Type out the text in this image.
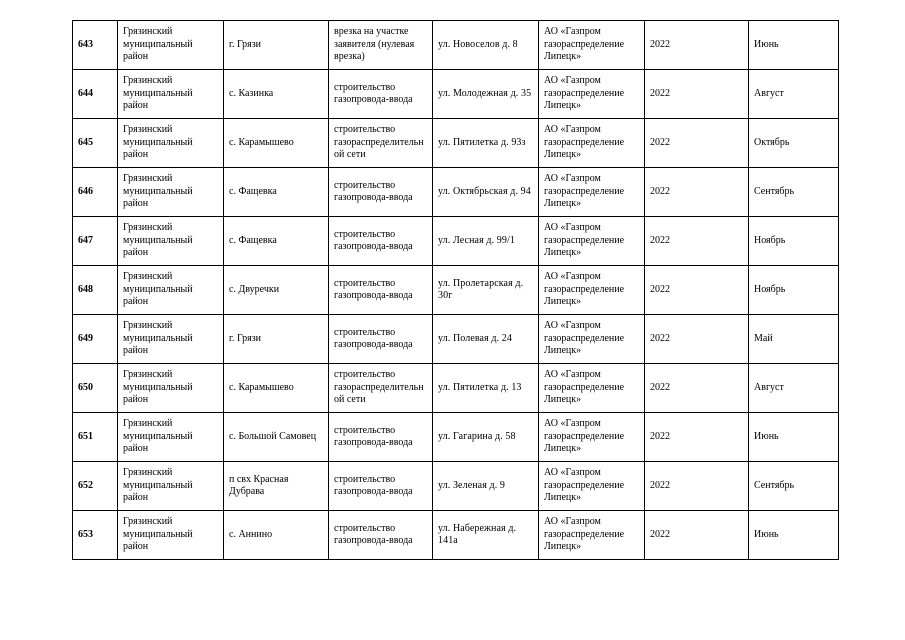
643	Грязинский муниципальный район	г. Грязи	врезка на участке заявителя (нулевая врезка)	ул. Новоселов д. 8	АО «Газпром газораспределение Липецк»	2022	Июнь
644	Грязинский муниципальный район	с. Казинка	строительство газопровода-ввода	ул. Молодежная д. 35	АО «Газпром газораспределение Липецк»	2022	Август
645	Грязинский муниципальный район	с. Карамышево	строительство газораспределительной сети	ул. Пятилетка д. 93з	АО «Газпром газораспределение Липецк»	2022	Октябрь
646	Грязинский муниципальный район	с. Фащевка	строительство газопровода-ввода	ул. Октябрьская д. 94	АО «Газпром газораспределение Липецк»	2022	Сентябрь
647	Грязинский муниципальный район	с. Фащевка	строительство газопровода-ввода	ул. Лесная д. 99/1	АО «Газпром газораспределение Липецк»	2022	Ноябрь
648	Грязинский муниципальный район	с. Двуречки	строительство газопровода-ввода	ул. Пролетарская д. 30г	АО «Газпром газораспределение Липецк»	2022	Ноябрь
649	Грязинский муниципальный район	г. Грязи	строительство газопровода-ввода	ул. Полевая д. 24	АО «Газпром газораспределение Липецк»	2022	Май
650	Грязинский муниципальный район	с. Карамышево	строительство газораспределительной сети	ул. Пятилетка д. 13	АО «Газпром газораспределение Липецк»	2022	Август
651	Грязинский муниципальный район	с. Большой Самовец	строительство газопровода-ввода	ул. Гагарина д. 58	АО «Газпром газораспределение Липецк»	2022	Июнь
652	Грязинский муниципальный район	п свх Красная Дубрава	строительство газопровода-ввода	ул. Зеленая д. 9	АО «Газпром газораспределение Липецк»	2022	Сентябрь
653	Грязинский муниципальный район	с. Аннино	строительство газопровода-ввода	ул. Набережная д. 141а	АО «Газпром газораспределение Липецк»	2022	Июнь
